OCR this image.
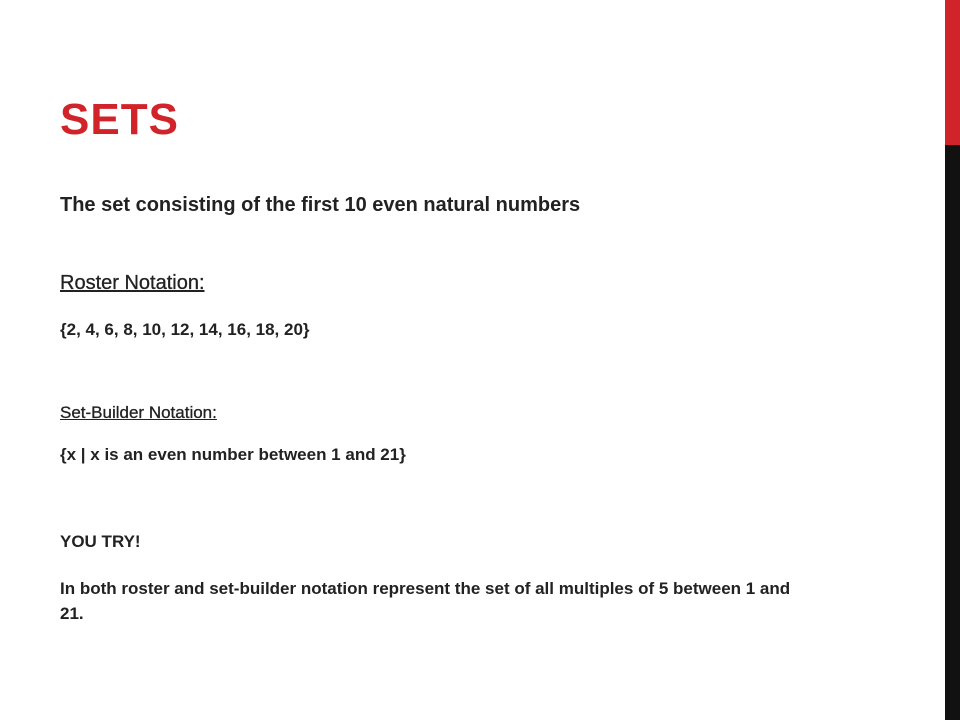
SETS

The set consisting of the first 10 even natural numbers

Roster Notation:

{2, 4, 6, 8, 10, 12, 14, 16, 18, 20}

Set-Builder Notation:

{x | x is an even number between 1 and 21}

YOU TRY!

In both roster and set-builder notation represent the set of all multiples of 5 between 1 and 21.
